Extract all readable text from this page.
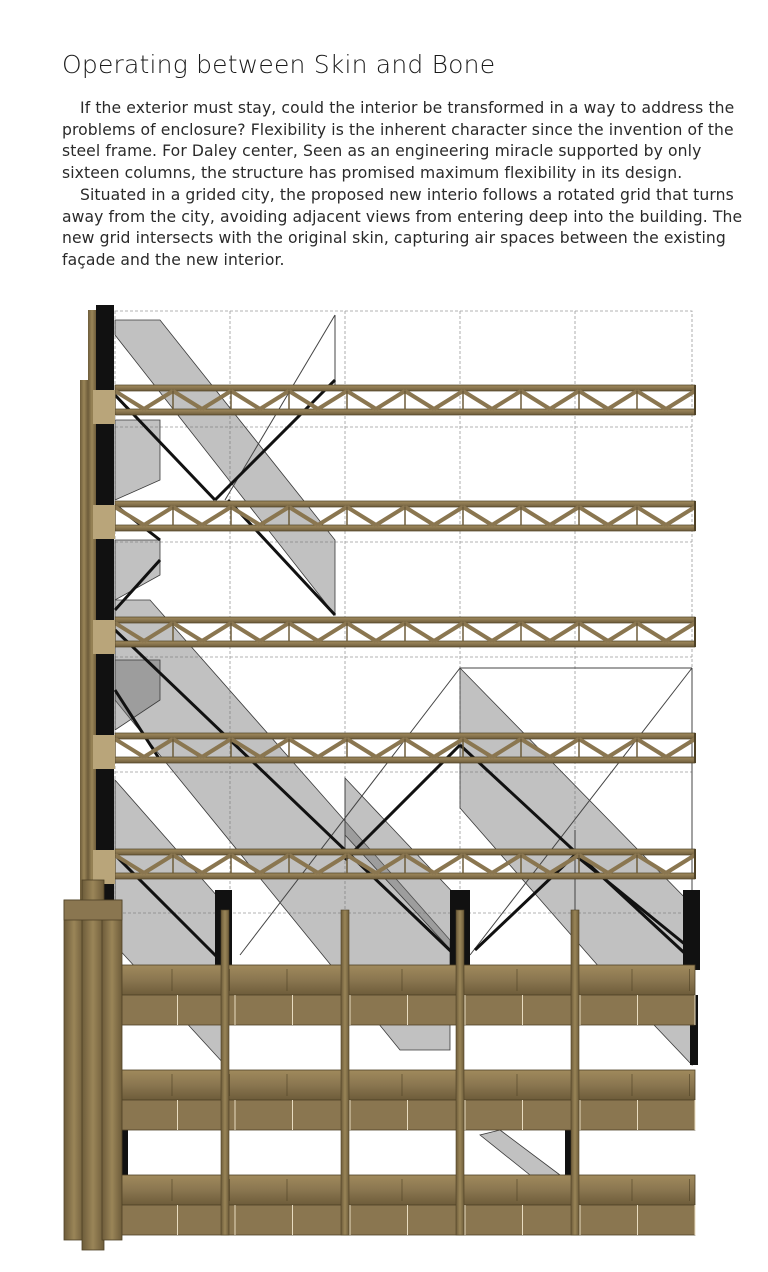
Operating between Skin and Bone

If the exterior must stay, could the interior be transformed in a way to address the problems of enclosure? Flexibility is the inherent character since the invention of the steel frame. For Daley center, Seen as an engineering miracle supported by only sixteen columns, the structure has promised maximum flexibility in its design.

Situated in a grided city, the proposed new interio follows a rotated grid that turns away from the city, avoiding adjacent views from entering deep into the building. The new grid intersects with the original skin, capturing air spaces between the existing façade and the new interior.
